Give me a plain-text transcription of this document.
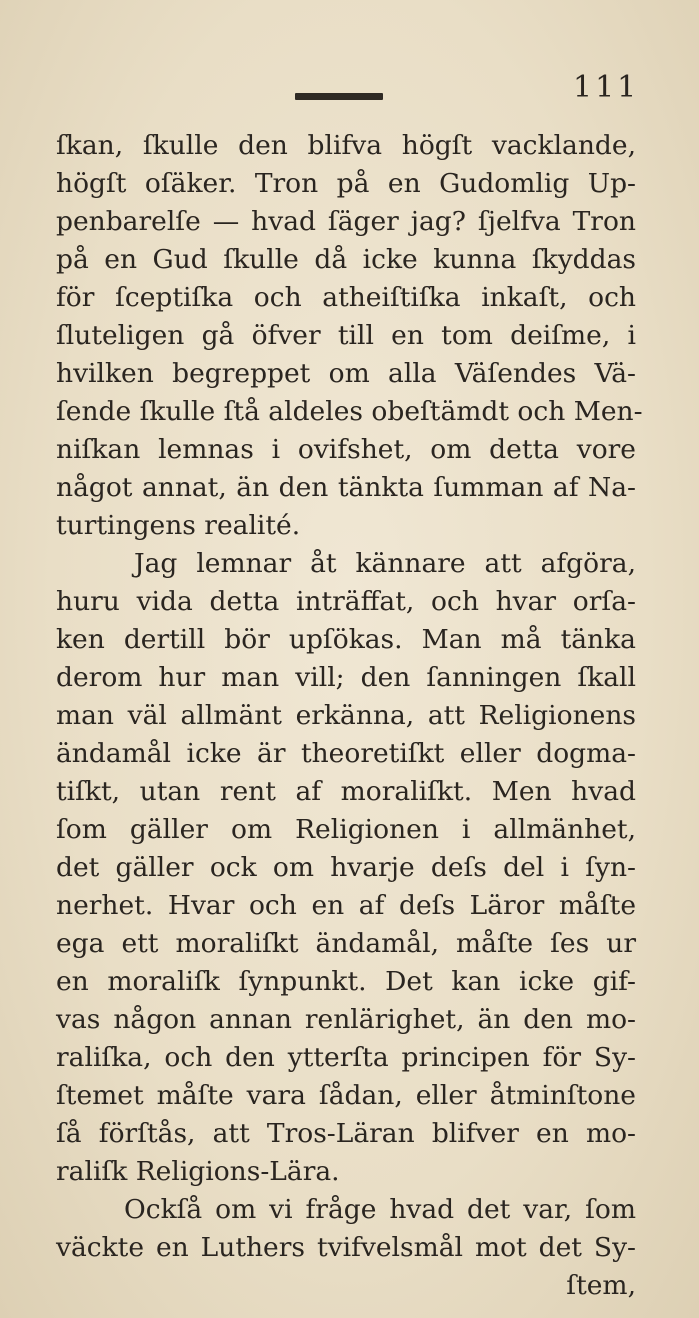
111
ſkan, ſkulle den blifva högſt vacklande,
högſt oſäker. Tron på en Gudomlig Up-
penbarelſe — hvad ſäger jag? ſjelfva Tron
på en Gud ſkulle då icke kunna ſkyddas
för ſceptiſka och atheiſtiſka inkaſt, och
ſluteligen gå öfver till en tom deiſme, i
hvilken begreppet om alla Väſendes Vä-
ſende ſkulle ſtå aldeles obeſtämdt och Men-
niſkan lemnas i ovifshet, om detta vore
något annat, än den tänkta ſumman af Na-
turtingens realité.
Jag lemnar åt kännare att afgöra,
huru vida detta inträffat, och hvar orſa-
ken dertill bör upſökas. Man må tänka
derom hur man vill; den ſanningen ſkall
man väl allmänt erkänna, att Religionens
ändamål icke är theoretiſkt eller dogma-
tiſkt, utan rent af moraliſkt. Men hvad
ſom gäller om Religionen i allmänhet,
det gäller ock om hvarje deſs del i ſyn-
nerhet. Hvar och en af deſs Läror måſte
ega ett moraliſkt ändamål, måſte ſes ur
en moraliſk ſynpunkt. Det kan icke gif-
vas någon annan renlärighet, än den mo-
raliſka, och den ytterſta principen för Sy-
ſtemet måſte vara ſådan, eller åtminſtone
ſå förſtås, att Tros-Läran blifver en mo-
raliſk Religions-Lära.
Ockſå om vi fråge hvad det var, ſom
väckte en Luthers tvifvelsmål mot det Sy-
ſtem,
